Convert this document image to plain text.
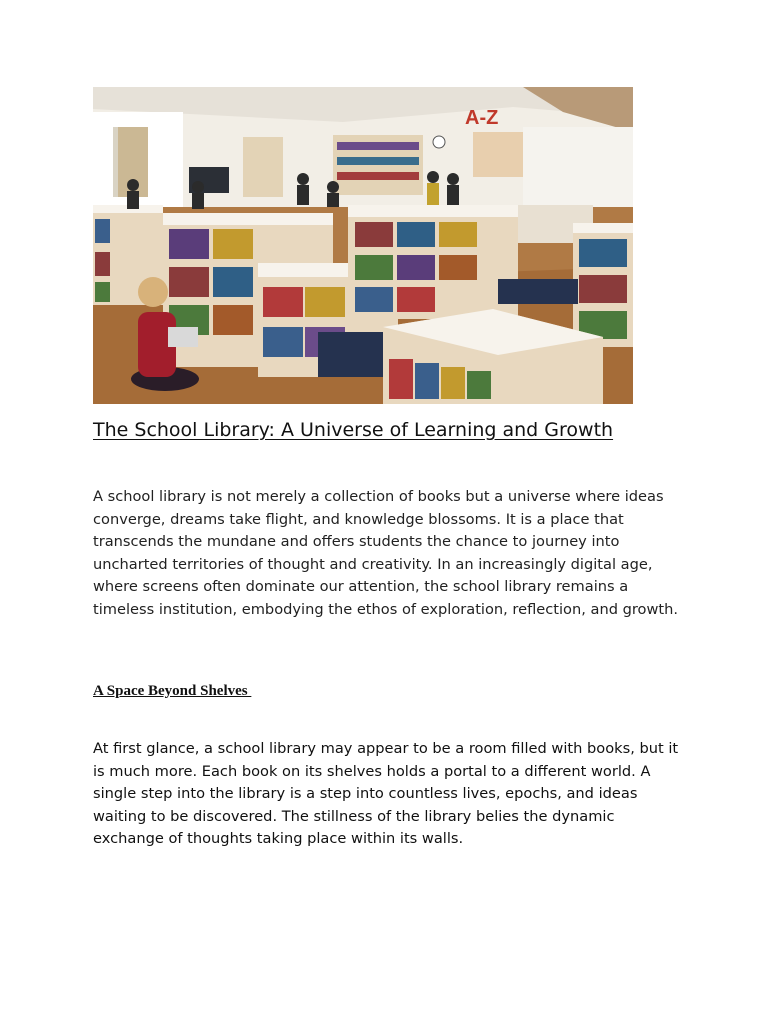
A-Z
The School Library: A Universe of Learning and Growth

A school library is not merely a collection of books but a universe where ideas converge, dreams take flight, and knowledge blossoms. It is a place that transcends the mundane and offers students the chance to journey into uncharted territories of thought and creativity. In an increasingly digital age, where screens often dominate our attention, the school library remains a timeless institution, embodying the ethos of exploration, reflection, and growth.

A Space Beyond Shelves

At first glance, a school library may appear to be a room filled with books, but it is much more. Each book on its shelves holds a portal to a different world. A single step into the library is a step into countless lives, epochs, and ideas waiting to be discovered. The stillness of the library belies the dynamic exchange of thoughts taking place within its walls.
